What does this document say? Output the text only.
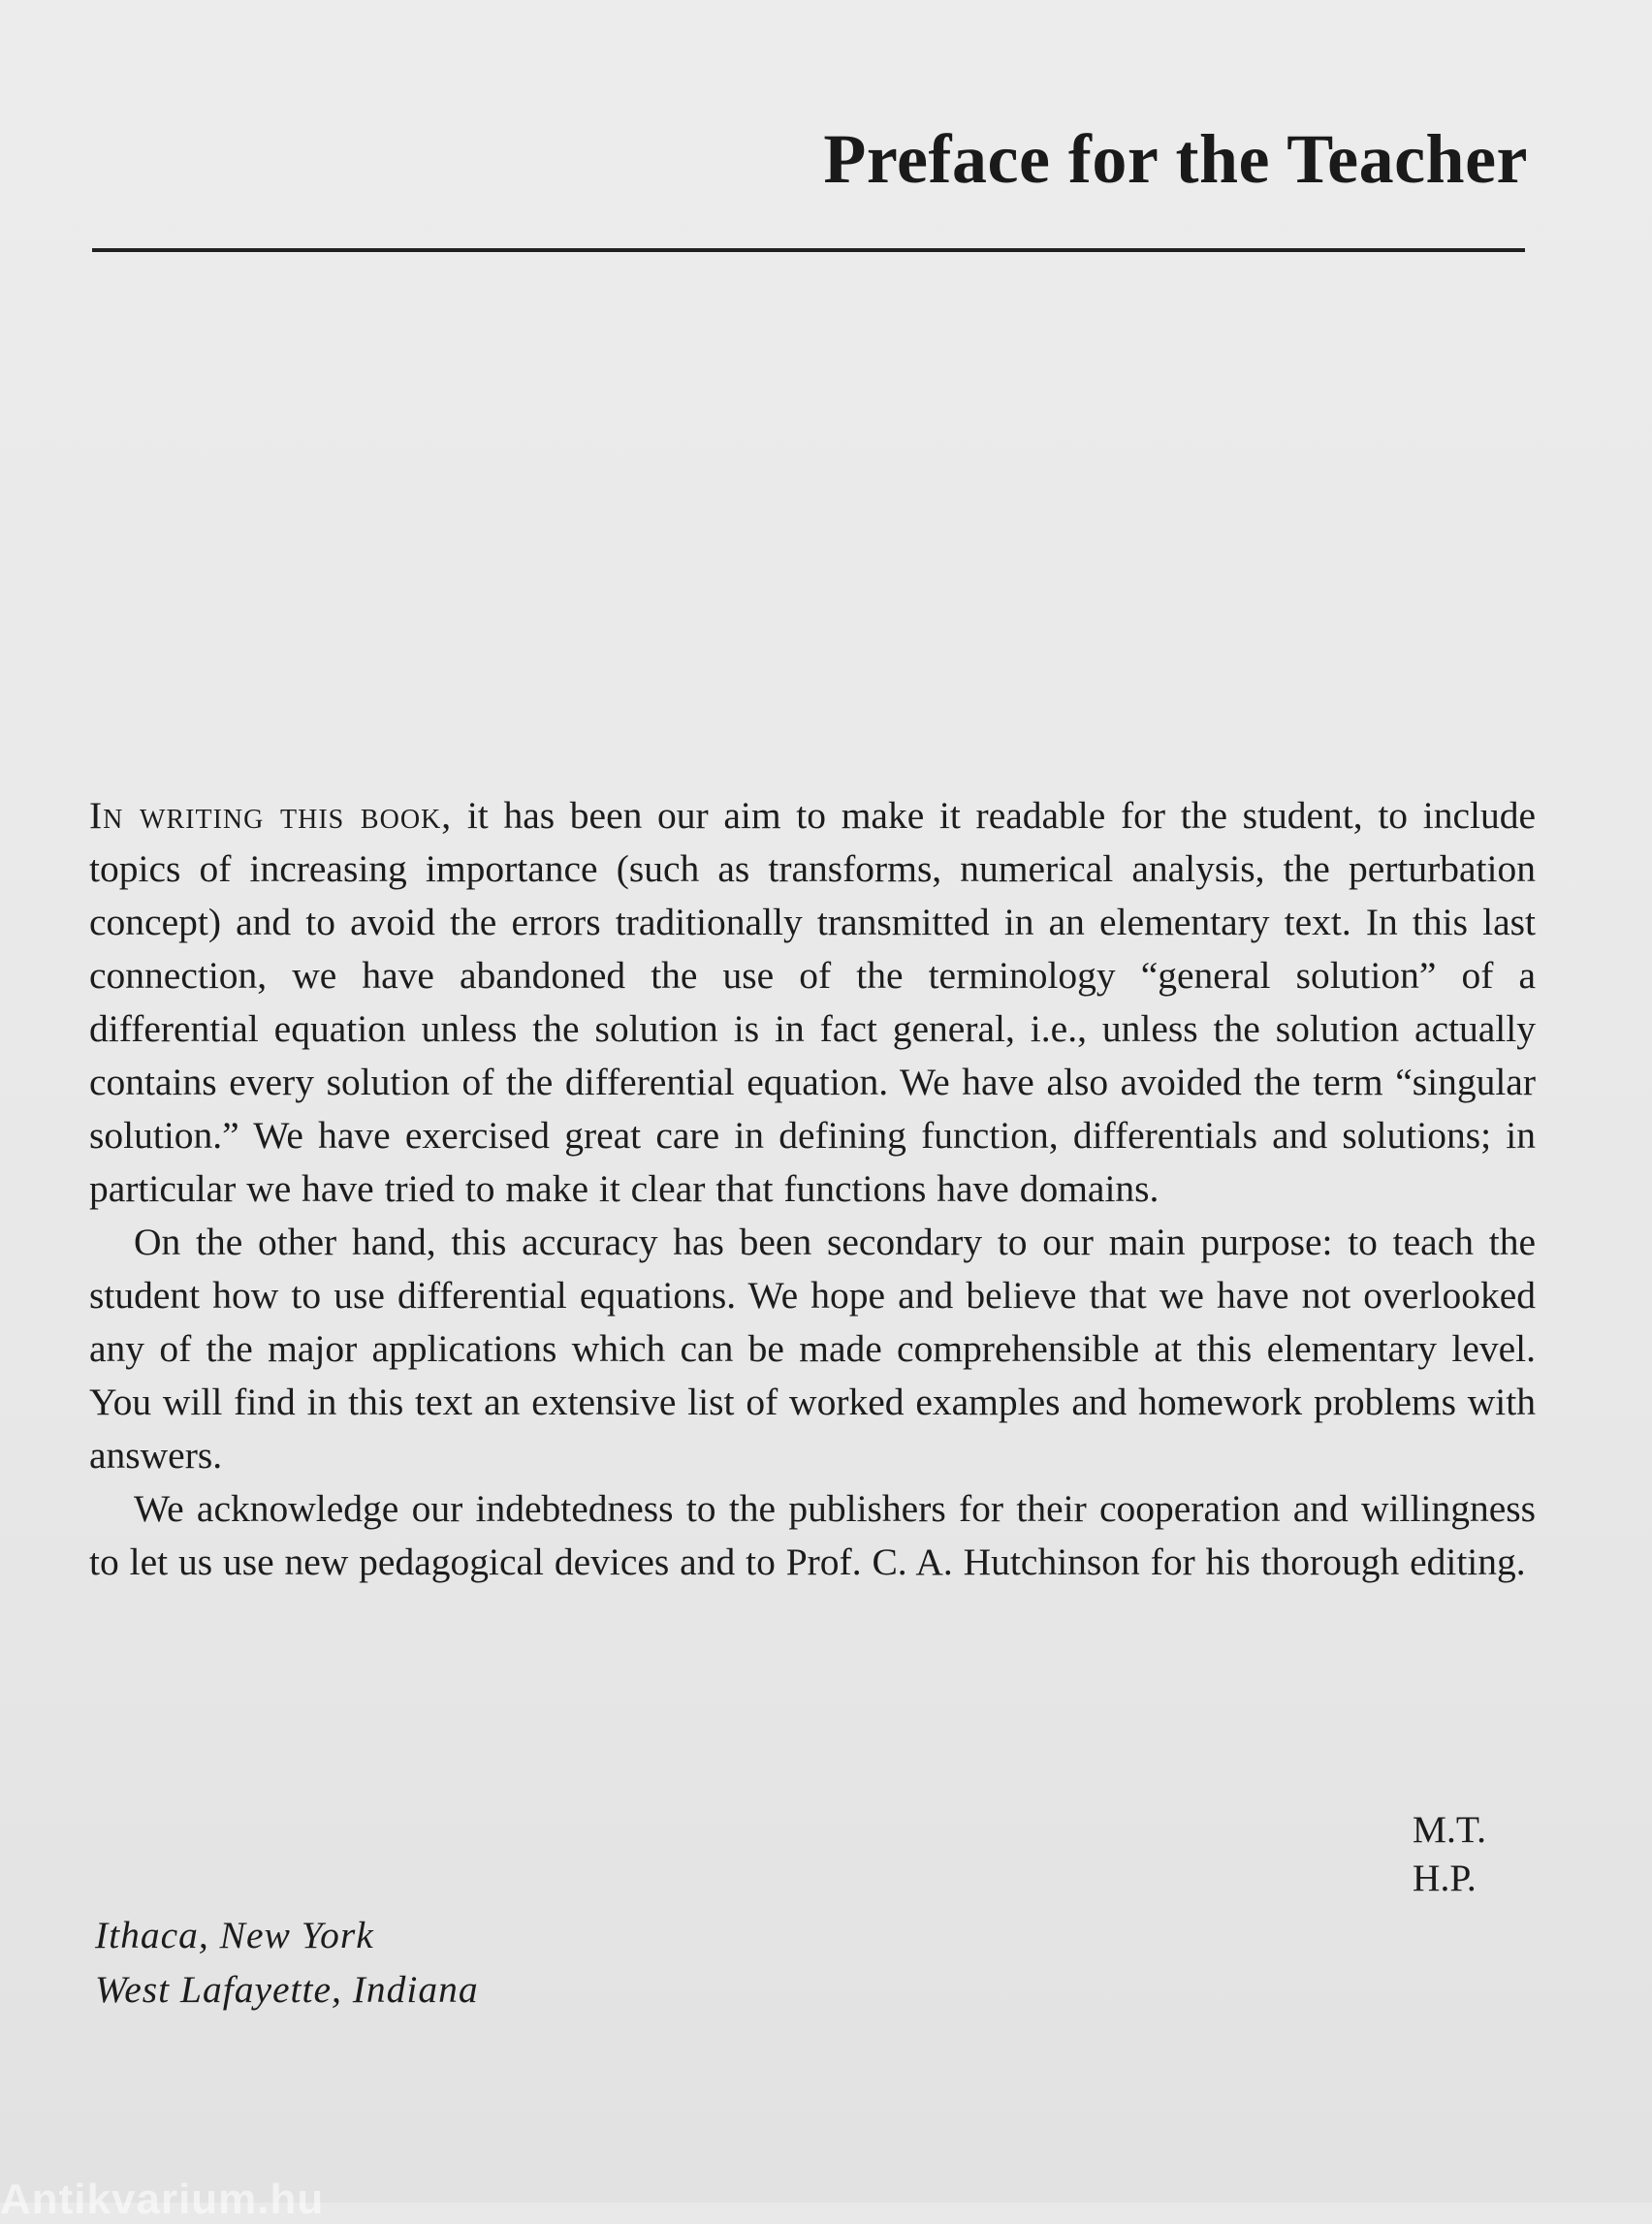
Preface for the Teacher

In writing this book, it has been our aim to make it readable for the student, to include topics of increasing importance (such as transforms, numerical analysis, the perturbation concept) and to avoid the errors traditionally transmitted in an elementary text. In this last connection, we have abandoned the use of the terminology “general solution” of a differential equation unless the solution is in fact general, i.e., unless the solution actually contains every solution of the differential equation. We have also avoided the term “singular solution.” We have exercised great care in defining function, differentials and solutions; in particular we have tried to make it clear that functions have domains.

On the other hand, this accuracy has been secondary to our main purpose: to teach the student how to use differential equations. We hope and believe that we have not overlooked any of the major applications which can be made comprehensible at this elementary level. You will find in this text an extensive list of worked examples and homework problems with answers.

We acknowledge our indebtedness to the publishers for their cooperation and willingness to let us use new pedagogical devices and to Prof. C. A. Hutchinson for his thorough editing.

M.T.
H.P.
Ithaca, New York
West Lafayette, Indiana
Antikvarium.hu
